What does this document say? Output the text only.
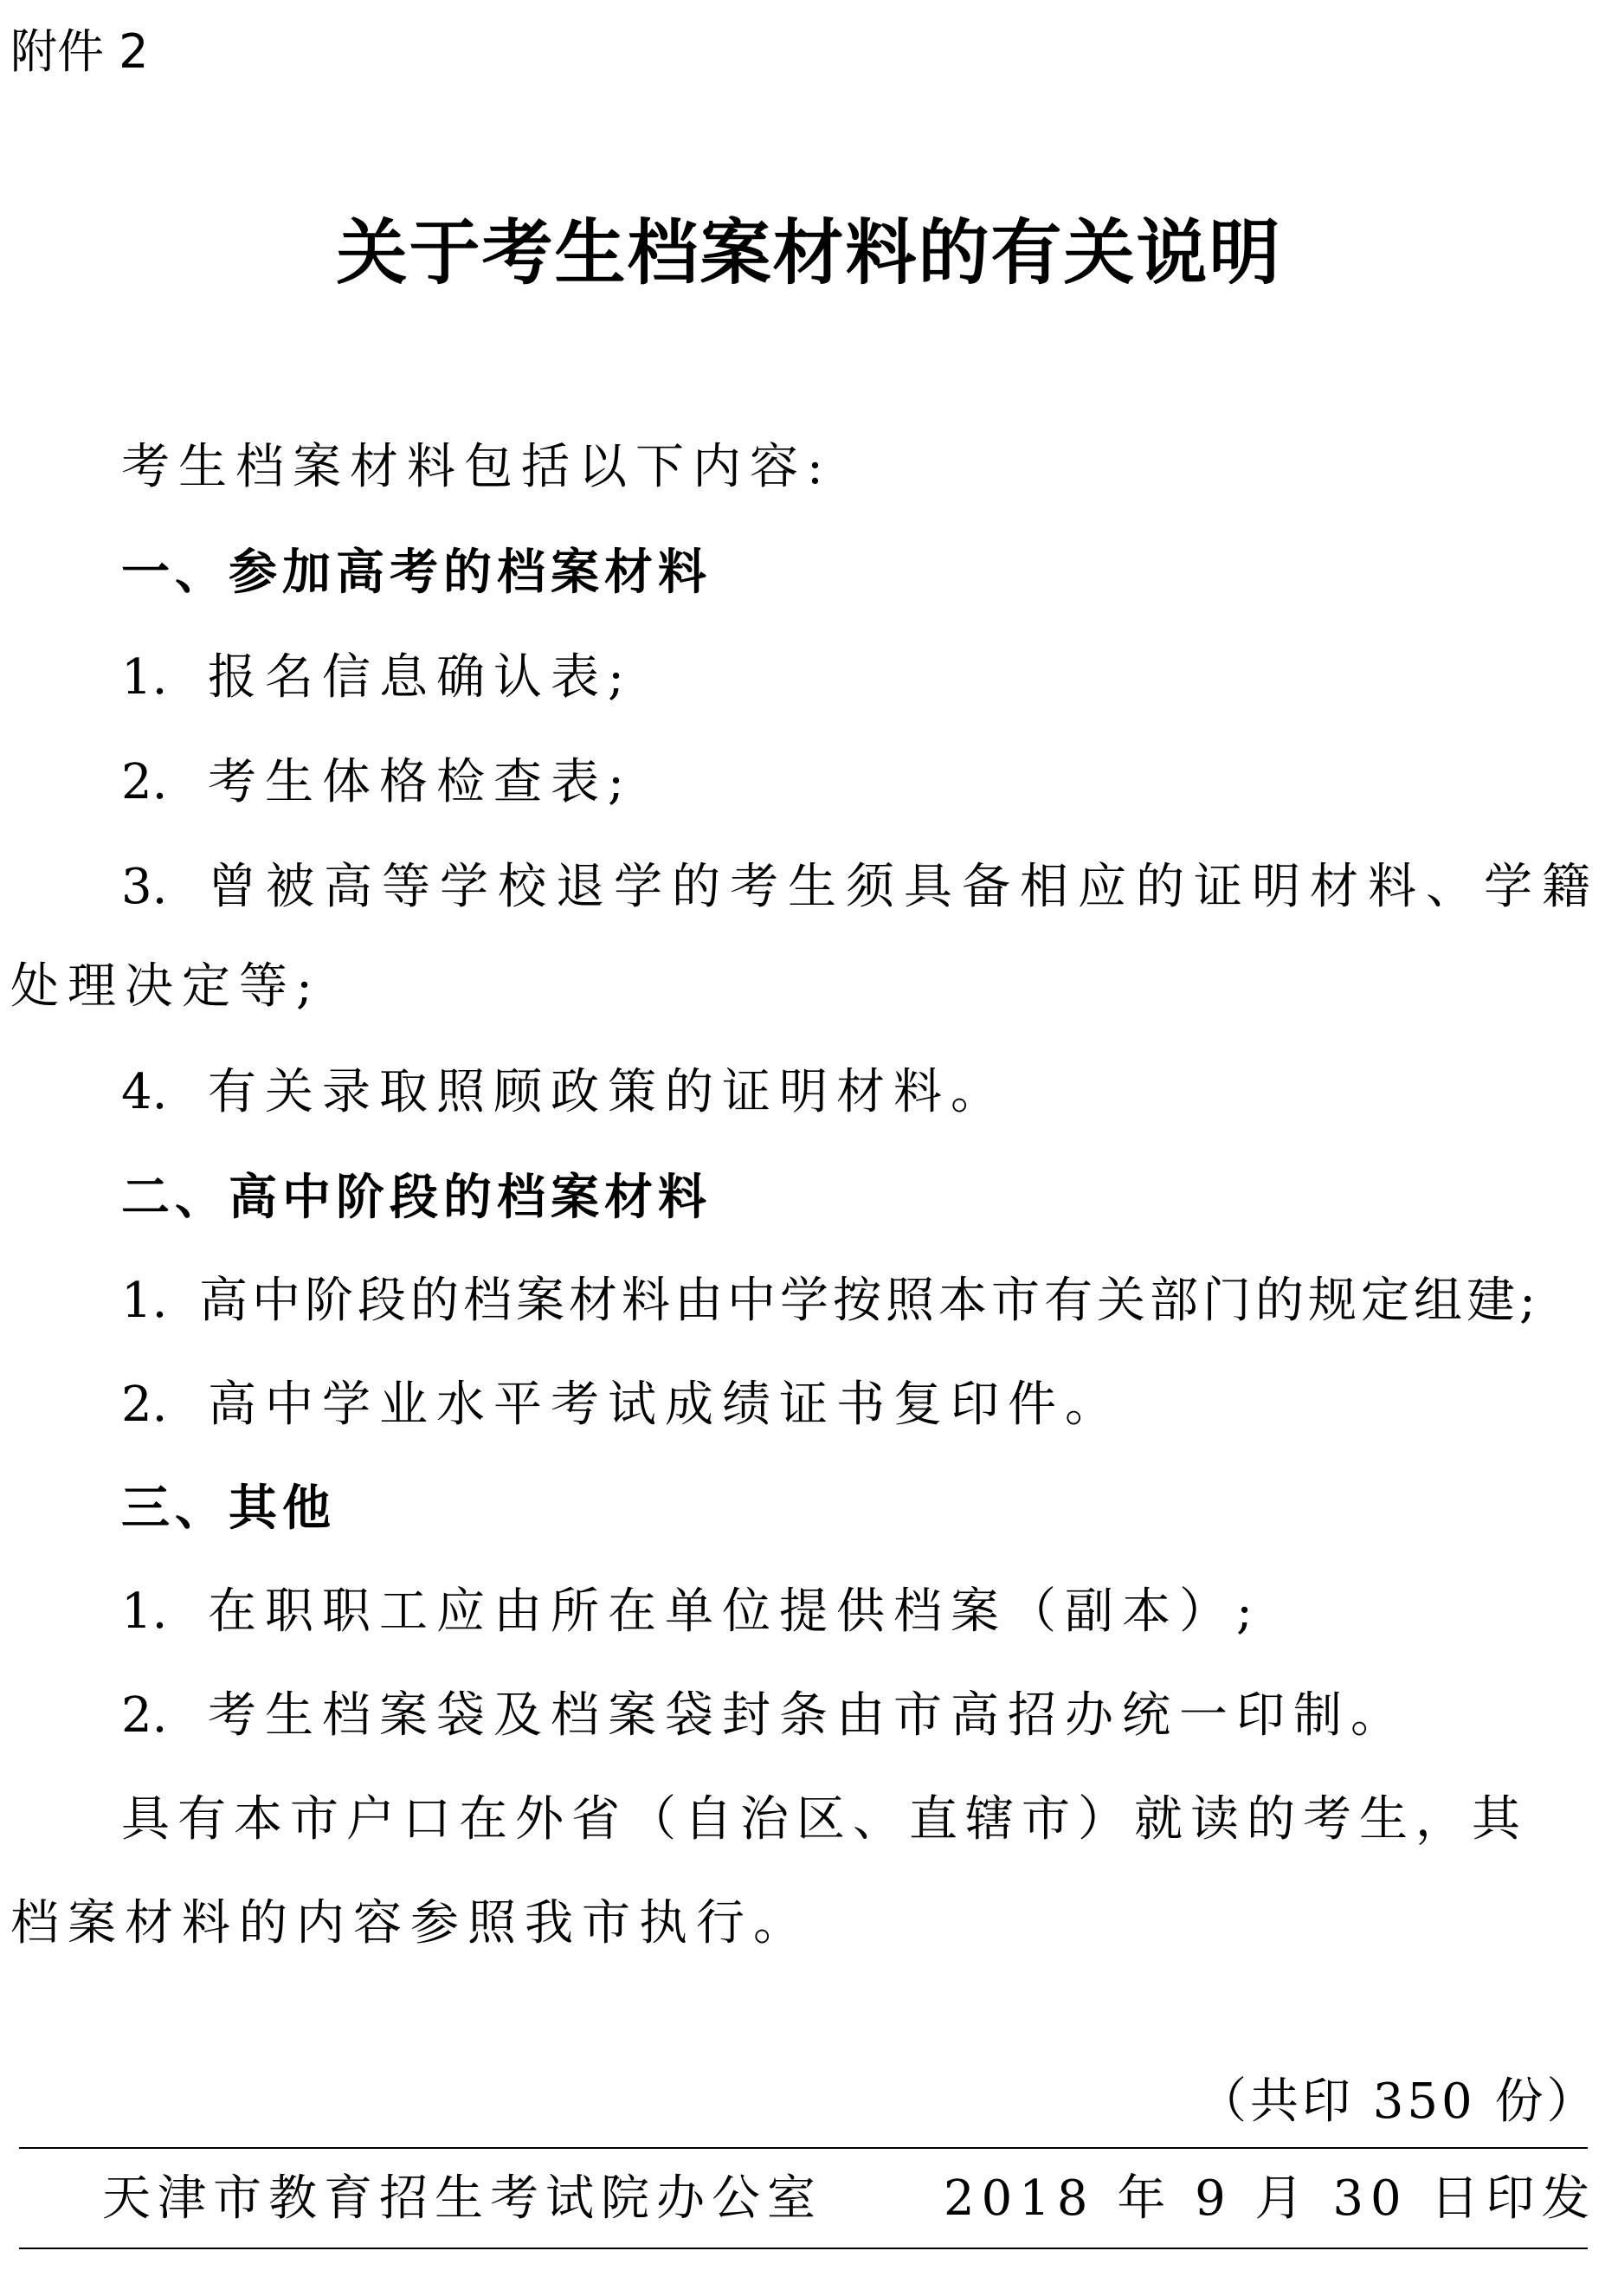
附件 2
关于考生档案材料的有关说明
考生档案材料包括以下内容:
一、参加高考的档案材料
1. 报名信息确认表;
2. 考生体格检查表;
3. 曾被高等学校退学的考生须具备相应的证明材料、学籍
处理决定等;
4. 有关录取照顾政策的证明材料。
二、高中阶段的档案材料
1. 高中阶段的档案材料由中学按照本市有关部门的规定组建;
2. 高中学业水平考试成绩证书复印件。
三、其他
1. 在职职工应由所在单位提供档案（副本）;
2. 考生档案袋及档案袋封条由市高招办统一印制。
具有本市户口在外省（自治区、直辖市）就读的考生，其
档案材料的内容参照我市执行。
（共印 350 份）
天津市教育招生考试院办公室	2018 年 9 月 30 日印发
